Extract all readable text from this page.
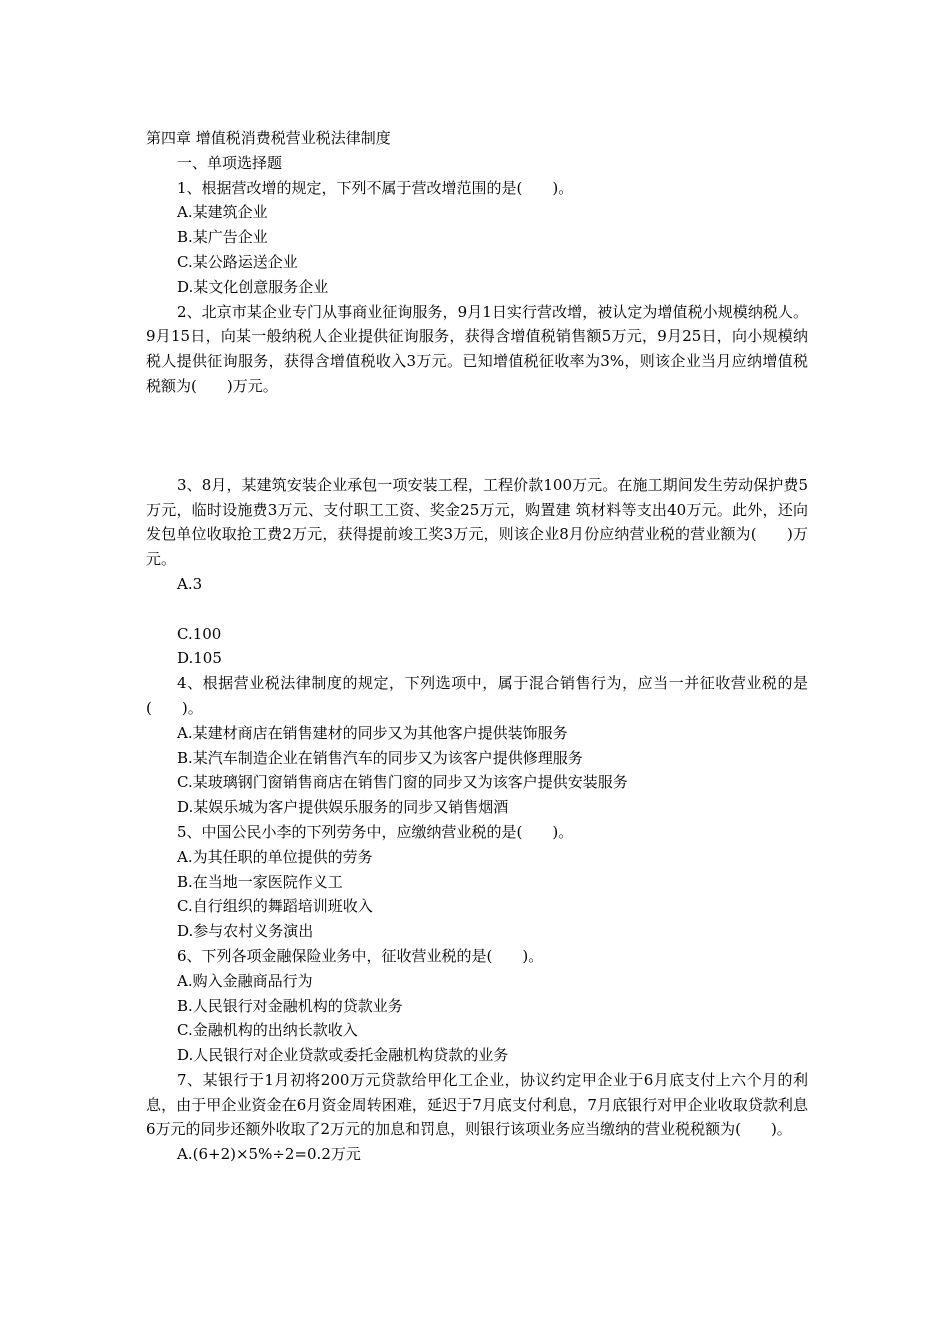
第四章 增值税消费税营业税法律制度
一、单项选择题
1、根据营改增的规定，下列不属于营改增范围的是(　　)。
A.某建筑企业
B.某广告企业
C.某公路运送企业
D.某文化创意服务企业
2、北京市某企业专门从事商业征询服务，9月1日实行营改增，被认定为增值税小规模纳税人。9月15日，向某一般纳税人企业提供征询服务，获得含增值税销售额5万元，9月25日，向小规模纳税人提供征询服务，获得含增值税收入3万元。已知增值税征收率为3%，则该企业当月应纳增值税税额为(　　)万元。
3、8月，某建筑安装企业承包一项安装工程，工程价款100万元。在施工期间发生劳动保护费5万元，临时设施费3万元、支付职工工资、奖金25万元，购置建 筑材料等支出40万元。此外，还向发包单位收取抢工费2万元，获得提前竣工奖3万元，则该企业8月份应纳营业税的营业额为(　　)万元。
A.3
C.100
D.105
4、根据营业税法律制度的规定，下列选项中，属于混合销售行为，应当一并征收营业税的是(　　)。
A.某建材商店在销售建材的同步又为其他客户提供装饰服务
B.某汽车制造企业在销售汽车的同步又为该客户提供修理服务
C.某玻璃钢门窗销售商店在销售门窗的同步又为该客户提供安装服务
D.某娱乐城为客户提供娱乐服务的同步又销售烟酒
5、中国公民小李的下列劳务中，应缴纳营业税的是(　　)。
A.为其任职的单位提供的劳务
B.在当地一家医院作义工
C.自行组织的舞蹈培训班收入
D.参与农村义务演出
6、下列各项金融保险业务中，征收营业税的是(　　)。
A.购入金融商品行为
B.人民银行对金融机构的贷款业务
C.金融机构的出纳长款收入
D.人民银行对企业贷款或委托金融机构贷款的业务
7、某银行于1月初将200万元贷款给甲化工企业，协议约定甲企业于6月底支付上六个月的利息，由于甲企业资金在6月资金周转困难，延迟于7月底支付利息，7月底银行对甲企业收取贷款利息6万元的同步还额外收取了2万元的加息和罚息，则银行该项业务应当缴纳的营业税税额为(　　)。
A.(6+2)×5%÷2=0.2万元
